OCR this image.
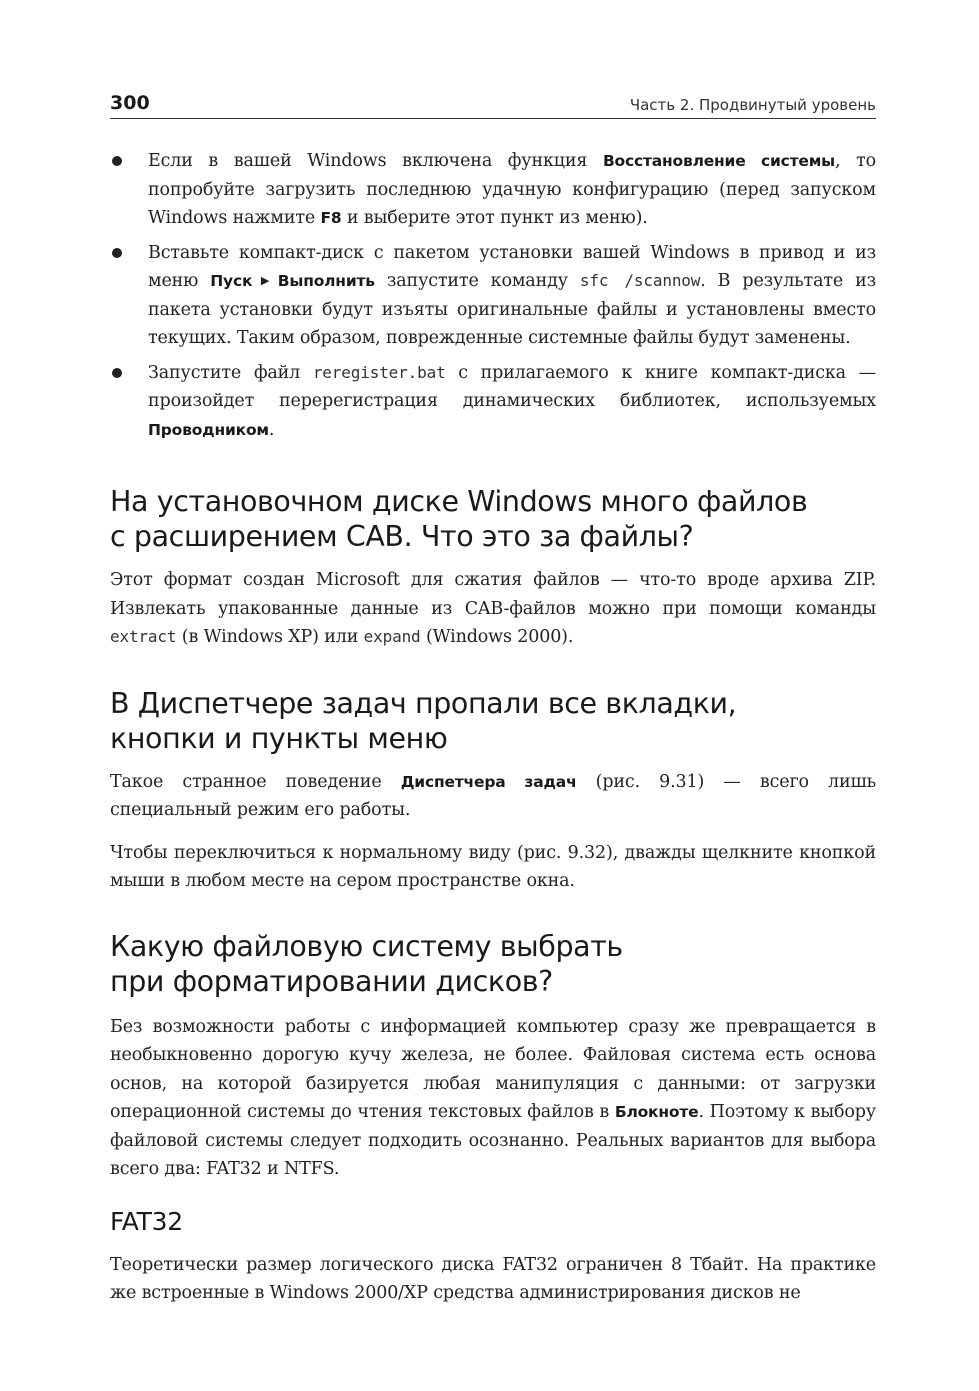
300	Часть 2. Продвинутый уровень
Если в вашей Windows включена функция Восстановление системы, то попробуйте загрузить последнюю удачную конфигурацию (перед запуском Windows нажмите F8 и выберите этот пункт из меню).
Вставьте компакт-диск с пакетом установки вашей Windows в привод и из меню Пуск ▶ Выполнить запустите команду sfc /scannow. В результате из пакета установки будут изъяты оригинальные файлы и установлены вместо текущих. Таким образом, поврежденные системные файлы будут заменены.
Запустите файл reregister.bat с прилагаемого к книге компакт-диска — произойдет перерегистрация динамических библиотек, используемых Проводником.
На установочном диске Windows много файлов
с расширением CAB. Что это за файлы?

Этот формат создан Microsoft для сжатия файлов — что-то вроде архива ZIP. Извлекать упакованные данные из CAB-файлов можно при помощи команды extract (в Windows XP) или expand (Windows 2000).

В Диспетчере задач пропали все вкладки,
кнопки и пункты меню

Такое странное поведение Диспетчера задач (рис. 9.31) — всего лишь специальный режим его работы.

Чтобы переключиться к нормальному виду (рис. 9.32), дважды щелкните кнопкой мыши в любом месте на сером пространстве окна.

Какую файловую систему выбрать
при форматировании дисков?

Без возможности работы с информацией компьютер сразу же превращается в необыкновенно дорогую кучу железа, не более. Файловая система есть основа основ, на которой базируется любая манипуляция с данными: от загрузки операционной системы до чтения текстовых файлов в Блокноте. Поэтому к выбору файловой системы следует подходить осознанно. Реальных вариантов для выбора всего два: FAT32 и NTFS.

FAT32

Теоретически размер логического диска FAT32 ограничен 8 Тбайт. На практике же встроенные в Windows 2000/XP средства администрирования дисков не
